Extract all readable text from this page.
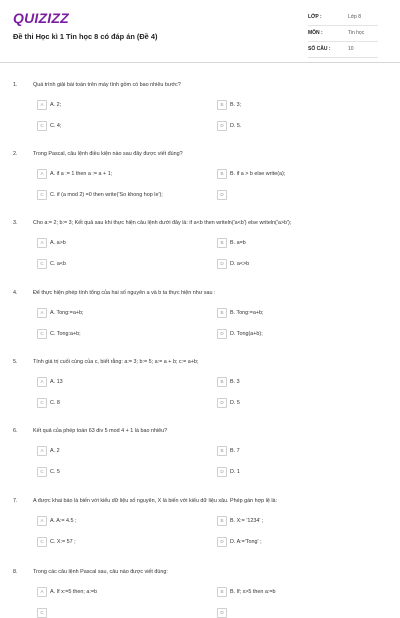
QUIZIZZ
Đề thi Học kì 1 Tin học 8 có đáp án (Đề 4)
LỚP :	Lớp 8
MÔN :	Tin học
SỐ CÂU :	10
1.	Quá trình giải bài toán trên máy tính gồm có bao nhiêu bước?
A A. 2;	B B. 3;
C C. 4;	D D. 5.
2.	Trong Pascal, câu lệnh điều kiện nào sau đây được viết đúng?
A A. if a := 1 then a := a + 1;	B B. if a > b else write(a);
C C. if (a mod 2) =0 then write('So khong hop le');	D
3.	Cho a:= 2; b:= 3; Kết quả sau khi thực hiện câu lệnh dưới đây là: if a<b then writeln('a<b') else writeln('a>b');
A A. a>b	B B. a=b
C C. a<b	D D. a<>b
4.	Để thực hiện phép tính tổng của hai số nguyên a và b ta thực hiện như sau :
A A. Tong:=a+b;	B B. Tong:=a+b;
C C. Tong:a+b;	D D. Tong(a+b);
5.	Tính giá trị cuối cùng của c, biết rằng: a:= 3; b:= 5; a:= a + b; c:= a+b;
A A. 13	B B. 3
C C. 8	D D. 5
6.	Kết quả của phép toán 63 div 5 mod 4 + 1 là bao nhiêu?
A A. 2	B B. 7
C C. 5	D D. 1
7.	A được khai báo là biến với kiểu dữ liệu số nguyên, X là biến với kiểu dữ liệu xâu. Phép gán hợp lệ là:
A A. A:= 4.5 ;	B B. X:= '1234' ;
C C. X:= 57 ;	D D. A:='Tong' ;
8.	Trong các câu lệnh Pascal sau, câu nào được viết đúng:
A A. If x:=5 then; a:=b	B B. If; x>5 then a:=b
C	D
